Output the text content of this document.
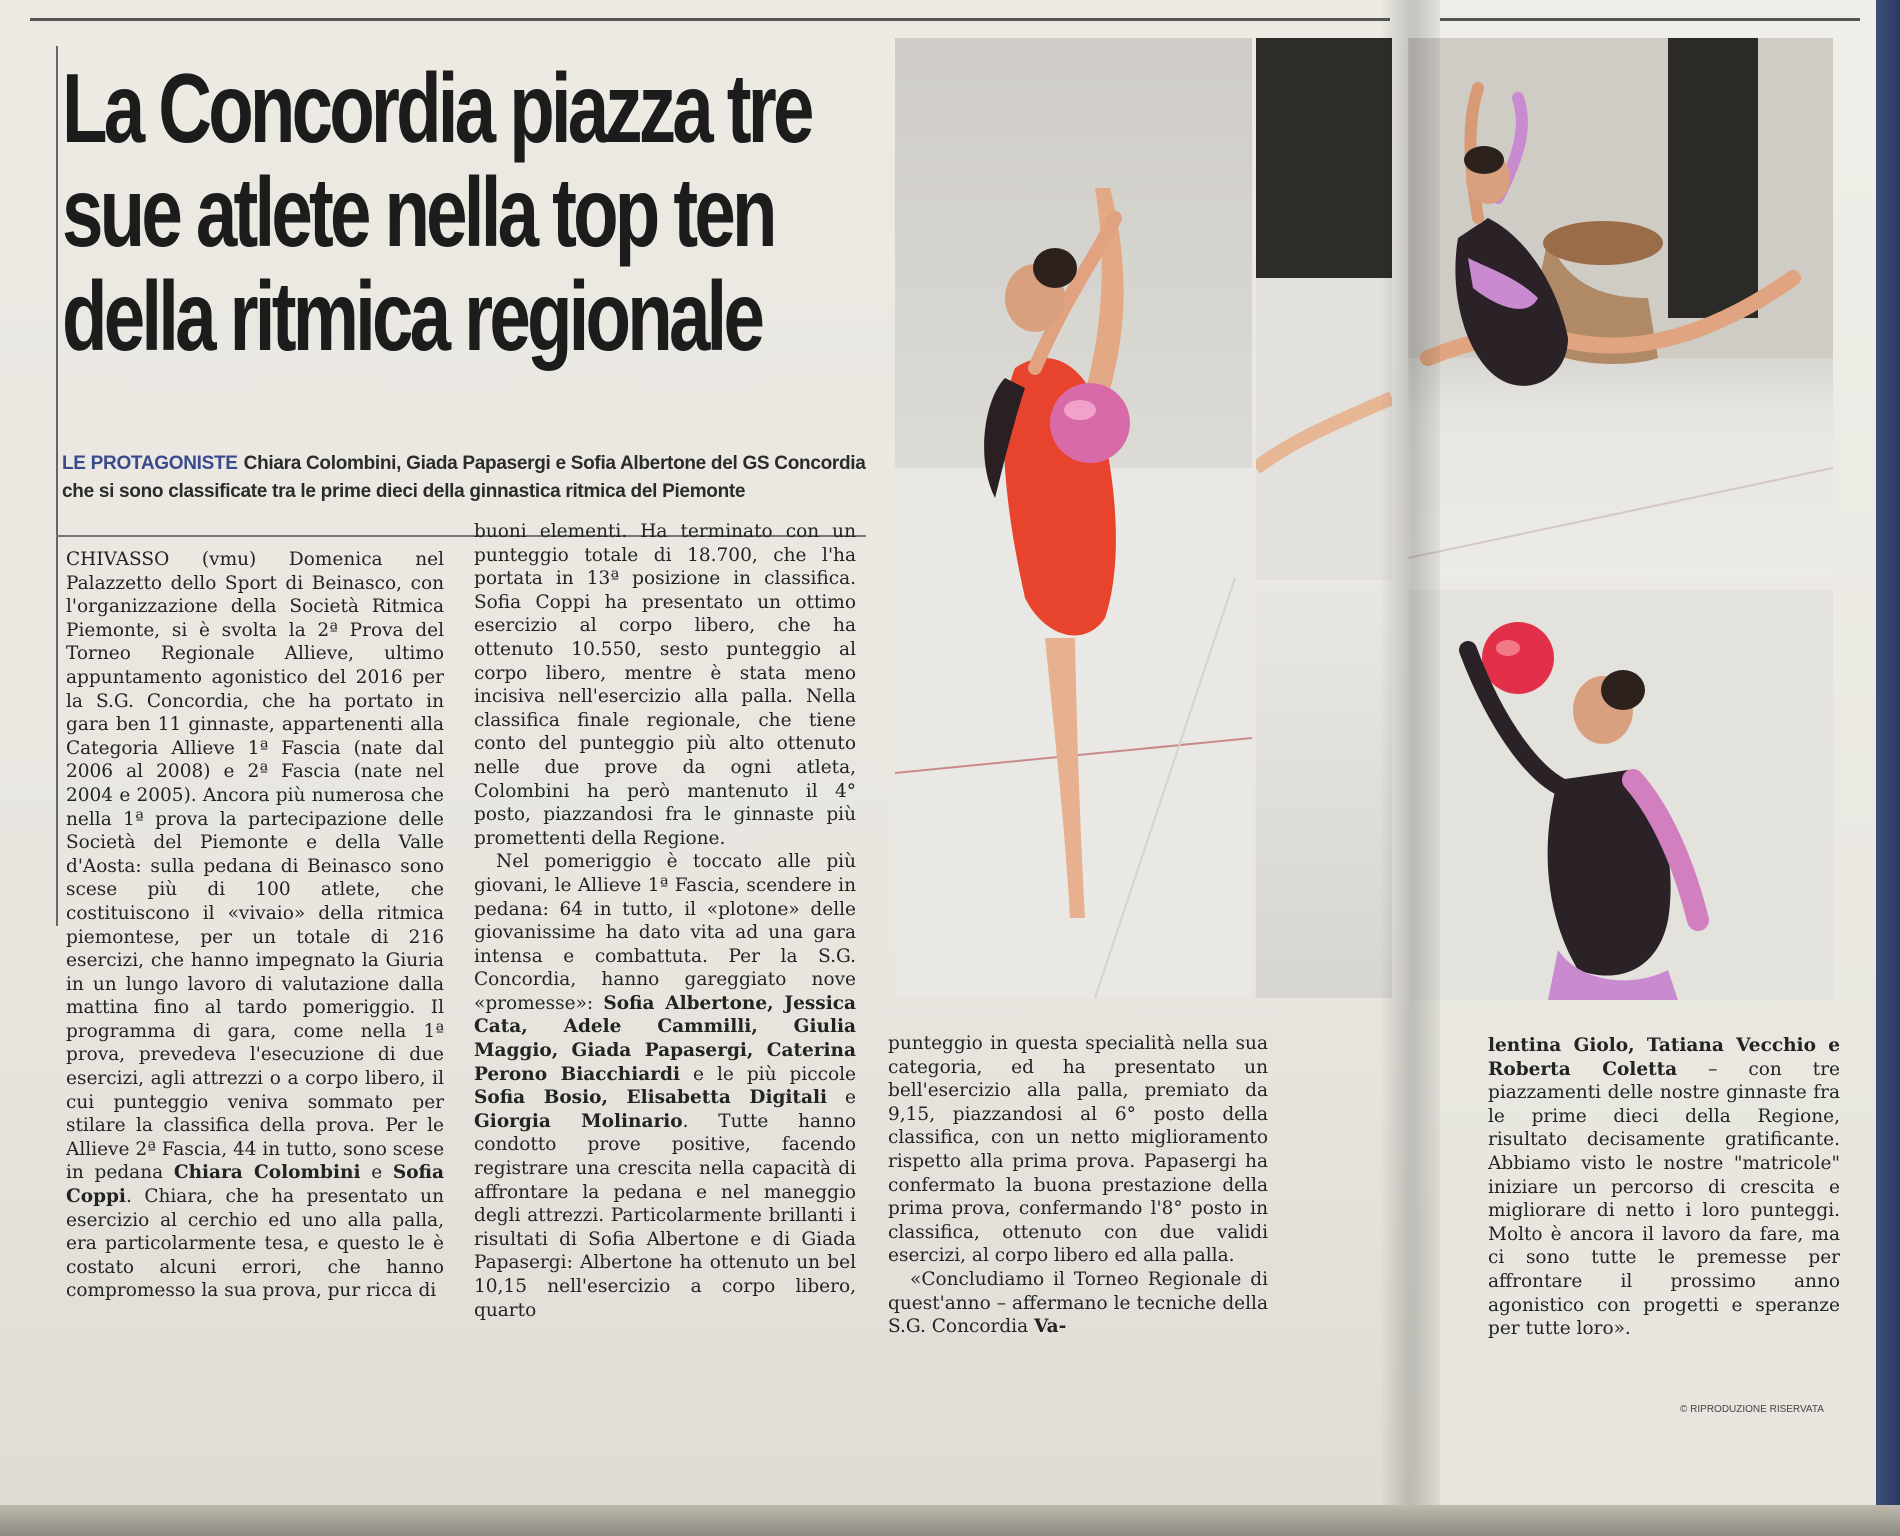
La Concordia piazza tre sue atlete nella top ten della ritmica regionale
LE PROTAGONISTE Chiara Colombini, Giada Papasergi e Sofia Albertone del GS Concordia che si sono classificate tra le prime dieci della ginnastica ritmica del Piemonte

CHIVASSO (vmu) Domenica nel Palazzetto dello Sport di Beinasco, con l'organizzazione della Società Ritmica Piemonte, si è svolta la 2ª Prova del Torneo Regionale Allieve, ultimo appuntamento agonistico del 2016 per la S.G. Concordia, che ha portato in gara ben 11 ginnaste, appartenenti alla Categoria Allieve 1ª Fascia (nate dal 2006 al 2008) e 2ª Fascia (nate nel 2004 e 2005). Ancora più numerosa che nella 1ª prova la partecipazione delle Società del Piemonte e della Valle d'Aosta: sulla pedana di Beinasco sono scese più di 100 atlete, che costituiscono il «vivaio» della ritmica piemontese, per un totale di 216 esercizi, che hanno impegnato la Giuria in un lungo lavoro di valutazione dalla mattina fino al tardo pomeriggio. Il programma di gara, come nella 1ª prova, prevedeva l'esecuzione di due esercizi, agli attrezzi o a corpo libero, il cui punteggio veniva sommato per stilare la classifica della prova. Per le Allieve 2ª Fascia, 44 in tutto, sono scese in pedana Chiara Colombini e Sofia Coppi. Chiara, che ha presentato un esercizio al cerchio ed uno alla palla, era particolarmente tesa, e questo le è costato alcuni errori, che hanno compromesso la sua prova, pur ricca di

buoni elementi. Ha terminato con un punteggio totale di 18.700, che l'ha portata in 13ª posizione in classifica. Sofia Coppi ha presentato un ottimo esercizio al corpo libero, che ha ottenuto 10.550, sesto punteggio al corpo libero, mentre è stata meno incisiva nell'esercizio alla palla. Nella classifica finale regionale, che tiene conto del punteggio più alto ottenuto nelle due prove da ogni atleta, Colombini ha però mantenuto il 4° posto, piazzandosi fra le ginnaste più promettenti della Regione.

Nel pomeriggio è toccato alle più giovani, le Allieve 1ª Fascia, scendere in pedana: 64 in tutto, il «plotone» delle giovanissime ha dato vita ad una gara intensa e combattuta. Per la S.G. Concordia, hanno gareggiato nove «promesse»: Sofia Albertone, Jessica Cata, Adele Cammilli, Giulia Maggio, Giada Papasergi, Caterina Perono Biacchiardi e le più piccole Sofia Bosio, Elisabetta Digitali e Giorgia Molinario. Tutte hanno condotto prove positive, facendo registrare una crescita nella capacità di affrontare la pedana e nel maneggio degli attrezzi. Particolarmente brillanti i risultati di Sofia Albertone e di Giada Papasergi: Albertone ha ottenuto un bel 10,15 nell'esercizio a corpo libero, quarto

punteggio in questa specialità nella sua categoria, ed ha presentato un bell'esercizio alla palla, premiato da 9,15, piazzandosi al 6° posto della classifica, con un netto miglioramento rispetto alla prima prova. Papasergi ha confermato la buona prestazione della prima prova, confermando l'8° posto in classifica, ottenuto con due validi esercizi, al corpo libero ed alla palla.

«Concludiamo il Torneo Regionale di quest'anno – affermano le tecniche della S.G. Concordia Va-

lentina Giolo, Tatiana Vecchio e Roberta Coletta – con tre piazzamenti delle nostre ginnaste fra le prime dieci della Regione, risultato decisamente gratificante. Abbiamo visto le nostre "matricole" iniziare un percorso di crescita e migliorare di netto i loro punteggi. Molto è ancora il lavoro da fare, ma ci sono tutte le premesse per affrontare il prossimo anno agonistico con progetti e speranze per tutte loro».

© RIPRODUZIONE RISERVATA
